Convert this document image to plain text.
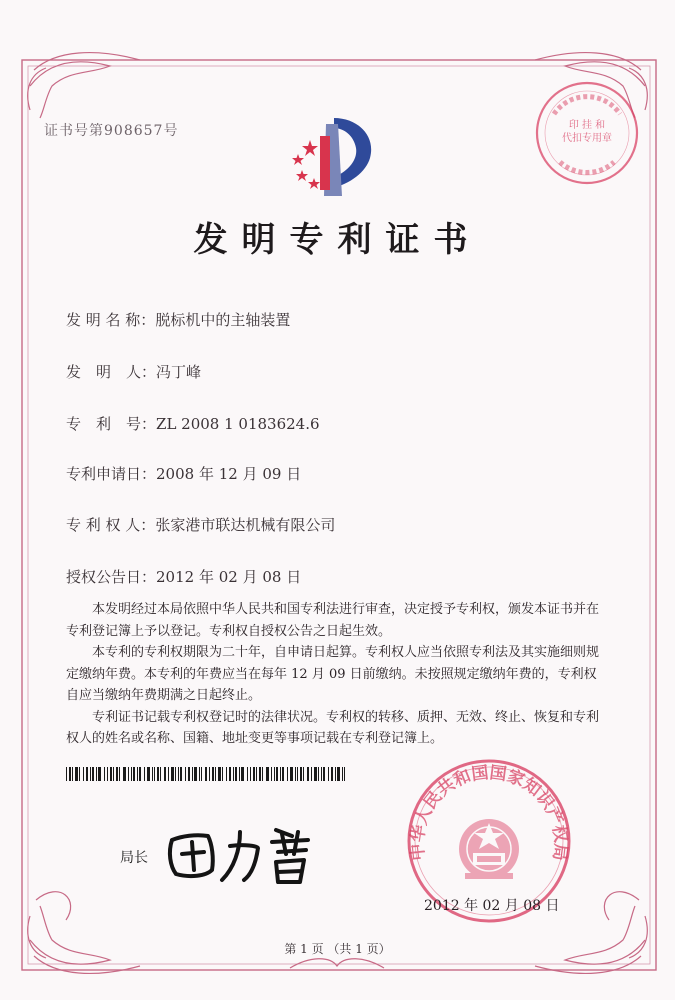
证书号第908657号	印 挂 和
代扣专用章
发明专利证书
发 明 名 称：脱标机中的主轴装置
发　明　人：冯丁峰
专　利　号：ZL 2008 1 0183624.6
专利申请日：2008 年 12 月 09 日
专 利 权 人：张家港市联达机械有限公司
授权公告日：2012 年 02 月 08 日

本发明经过本局依照中华人民共和国专利法进行审查，决定授予专利权，颁发本证书并在专利登记簿上予以登记。专利权自授权公告之日起生效。

本专利的专利权期限为二十年，自申请日起算。专利权人应当依照专利法及其实施细则规定缴纳年费。本专利的年费应当在每年 12 月 09 日前缴纳。未按照规定缴纳年费的，专利权自应当缴纳年费期满之日起终止。

专利证书记载专利权登记时的法律状况。专利权的转移、质押、无效、终止、恢复和专利权人的姓名或名称、国籍、地址变更等事项记载在专利登记簿上。

局长	中华人民共和国国家知识产权局
2012 年 02 月 08 日
第 1 页 （共 1 页）
